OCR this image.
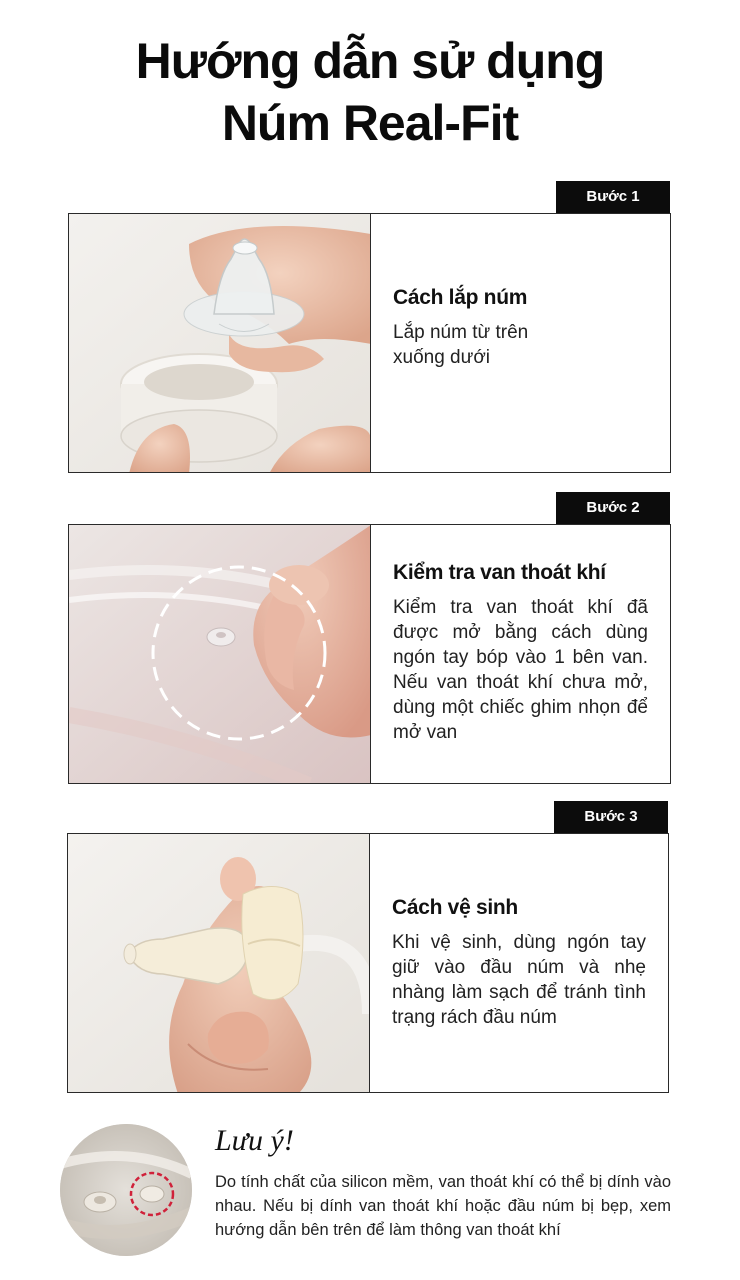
Hướng dẫn sử dụng
Núm Real-Fit
Bước 1
Cách lắp núm

Lắp núm từ trên xuống dưới

Bước 2
Kiểm tra van thoát khí

Kiểm tra van thoát khí đã được mở bằng cách dùng ngón tay bóp vào 1 bên van. Nếu van thoát khí chưa mở, dùng một chiếc ghim nhọn để mở van

Bước 3
Cách vệ sinh

Khi vệ sinh, dùng ngón tay giữ vào đầu núm và nhẹ nhàng làm sạch để tránh tình trạng rách đầu núm

Lưu ý!
Do tính chất của silicon mềm, van thoát khí có thể bị dính vào nhau. Nếu bị dính van thoát khí hoặc đầu núm bị bẹp, xem hướng dẫn bên trên để làm thông van thoát khí
